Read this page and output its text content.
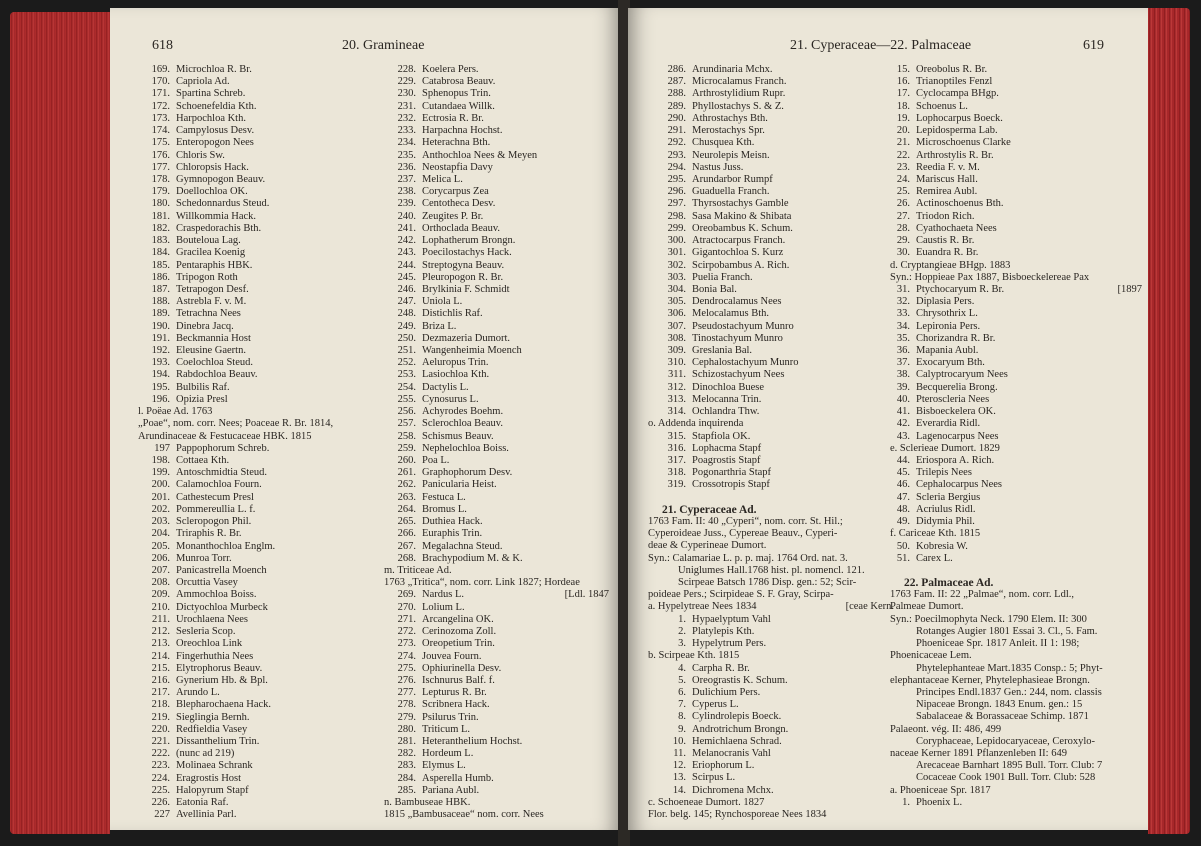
618	20. Gramineae
169. Microchloa R. Br.
170. Capriola Ad.
171. Spartina Schreb.
172. Schoenefeldia Kth.
173. Harpochloa Kth.
174. Campylosus Desv.
175. Enteropogon Nees
176. Chloris Sw.
177. Chloropsis Hack.
178. Gymnopogon Beauv.
179. Doellochloa OK.
180. Schedonnardus Steud.
181. Willkommia Hack.
182. Craspedorachis Bth.
183. Bouteloua Lag.
184. Gracilea Koenig
185. Pentaraphis HBK.
186. Tripogon Roth
187. Tetrapogon Desf.
188. Astrebla F. v. M.
189. Tetrachna Nees
190. Dinebra Jacq.
191. Beckmannia Host
192. Eleusine Gaertn.
193. Coelochloa Steud.
194. Rabdochloa Beauv.
195. Bulbilis Raf.
196. Opizia Presl
l. Poëae Ad. 1763
„Poae“, nom. corr. Nees; Poaceae R. Br. 1814,
Arundinaceae & Festucaceae HBK. 1815
197 Pappophorum Schreb.
198. Cottaea Kth.
199. Antoschmidtia Steud.
200. Calamochloa Fourn.
201. Cathestecum Presl
202. Pommereullia L. f.
203. Scleropogon Phil.
204. Triraphis R. Br.
205. Monanthochloa Englm.
206. Munroa Torr.
207. Panicastrella Moench
208. Orcuttia Vasey
209. Ammochloa Boiss.
210. Dictyochloa Murbeck
211. Urochlaena Nees
212. Sesleria Scop.
213. Oreochloa Link
214. Fingerhuthia Nees
215. Elytrophorus Beauv.
216. Gynerium Hb. & Bpl.
217. Arundo L.
218. Blepharochaena Hack.
219. Sieglingia Bernh.
220. Redfieldia Vasey
221. Dissanthelium Trin.
222. (nunc ad 219)
223. Molinaea Schrank
224. Eragrostis Host
225. Halopyrum Stapf
226. Eatonia Raf.
227 Avellinia Parl.
228. Koelera Pers.
229. Catabrosa Beauv.
230. Sphenopus Trin.
231. Cutandaea Willk.
232. Ectrosia R. Br.
233. Harpachna Hochst.
234. Heterachna Bth.
235. Anthochloa Nees & Meyen
236. Neostapfia Davy
237. Melica L.
238. Corycarpus Zea
239. Centotheca Desv.
240. Zeugites P. Br.
241. Orthoclada Beauv.
242. Lophatherum Brongn.
243. Poecilostachys Hack.
244. Streptogyna Beauv.
245. Pleuropogon R. Br.
246. Brylkinia F. Schmidt
247. Uniola L.
248. Distichlis Raf.
249. Briza L.
250. Dezmazeria Dumort.
251. Wangenheimia Moench
252. Aeluropus Trin.
253. Lasiochloa Kth.
254. Dactylis L.
255. Cynosurus L.
256. Achyrodes Boehm.
257. Sclerochloa Beauv.
258. Schismus Beauv.
259. Nephelochloa Boiss.
260. Poa L.
261. Graphophorum Desv.
262. Panicularia Heist.
263. Festuca L.
264. Bromus L.
265. Duthiea Hack.
266. Euraphis Trin.
267. Megalachna Steud.
268. Brachypodium M. & K.
m. Triticeae Ad.
1763 „Tritica“, nom. corr. Link 1827; Hordeae
269. Nardus L.	[Ldl. 1847
270. Lolium L.
271. Arcangelina OK.
272. Cerinozoma Zoll.
273. Oreopetium Trin.
274. Jouvea Fourn.
275. Ophiurinella Desv.
276. Ischnurus Balf. f.
277. Lepturus R. Br.
278. Scribnera Hack.
279. Psilurus Trin.
280. Triticum L.
281. Heteranthelium Hochst.
282. Hordeum L.
283. Elymus L.
284. Asperella Humb.
285. Pariana Aubl.
n. Bambuseae HBK.
1815 „Bambusaceae“ nom. corr. Nees
21. Cyperaceae—22. Palmaceae	619
286. Arundinaria Mchx.
287. Microcalamus Franch.
288. Arthrostylidium Rupr.
289. Phyllostachys S. & Z.
290. Athrostachys Bth.
291. Merostachys Spr.
292. Chusquea Kth.
293. Neurolepis Meisn.
294. Nastus Juss.
295. Arundarbor Rumpf
296. Guaduella Franch.
297. Thyrsostachys Gamble
298. Sasa Makino & Shibata
299. Oreobambus K. Schum.
300. Atractocarpus Franch.
301. Gigantochloa S. Kurz
302. Scirpobambus A. Rich.
303. Puelia Franch.
304. Bonia Bal.
305. Dendrocalamus Nees
306. Melocalamus Bth.
307. Pseudostachyum Munro
308. Tinostachyum Munro
309. Greslania Bal.
310. Cephalostachyum Munro
311. Schizostachyum Nees
312. Dinochloa Buese
313. Melocanna Trin.
314. Ochlandra Thw.
o. Addenda inquirenda
315. Stapfiola OK.
316. Lophacma Stapf
317. Poagrostis Stapf
318. Pogonarthria Stapf
319. Crossotropis Stapf
21. Cyperaceae Ad.
1763 Fam. II: 40 „Cyperi“, nom. corr. St. Hil.;
Cyperoideae Juss., Cypereae Beauv., Cyperi-
deae & Cyperineae Dumort.
Syn.: Calamariae L. p. p. maj. 1764 Ord. nat. 3.
Uniglumes Hall.1768 hist. pl. nomencl. 121.
Scirpeae Batsch 1786 Disp. gen.: 52; Scir-
poideae Pers.; Scirpideae S. F. Gray, Scirpa-
a. Hypelytreae Nees 1834	[ceae Kern.
1. Hypaelyptum Vahl
2. Platylepis Kth.
3. Hypelytrum Pers.
b. Scirpeae Kth. 1815
4. Carpha R. Br.
5. Oreograstis K. Schum.
6. Dulichium Pers.
7. Cyperus L.
8. Cylindrolepis Boeck.
9. Androtrichum Brongn.
10. Hemichlaena Schrad.
11. Melanocranis Vahl
12. Eriophorum L.
13. Scirpus L.
14. Dichromena Mchx.
c. Schoeneae Dumort. 1827
Flor. belg. 145; Rynchosporeae Nees 1834
15. Oreobolus R. Br.
16. Trianoptiles Fenzl
17. Cyclocampa BHgp.
18. Schoenus L.
19. Lophocarpus Boeck.
20. Lepidosperma Lab.
21. Microschoenus Clarke
22. Arthrostylis R. Br.
23. Reedia F. v. M.
24. Mariscus Hall.
25. Remirea Aubl.
26. Actinoschoenus Bth.
27. Triodon Rich.
28. Cyathochaeta Nees
29. Caustis R. Br.
30. Euandra R. Br.
d. Cryptangieae BHgp. 1883
Syn.: Hoppieae Pax 1887, Bisboeckelereae Pax
31. Ptychocaryum R. Br.	[1897
32. Diplasia Pers.
33. Chrysothrix L.
34. Lepironia Pers.
35. Chorizandra R. Br.
36. Mapania Aubl.
37. Exocaryum Bth.
38. Calyptrocaryum Nees
39. Becquerelia Brong.
40. Pteroscleria Nees
41. Bisboeckelera OK.
42. Everardia Ridl.
43. Lagenocarpus Nees
e. Sclerieae Dumort. 1829
44. Eriospora A. Rich.
45. Trilepis Nees
46. Cephalocarpus Nees
47. Scleria Bergius
48. Acriulus Ridl.
49. Didymia Phil.
f. Cariceae Kth. 1815
50. Kobresia W.
51. Carex L.
22. Palmaceae Ad.
1763 Fam. II: 22 „Palmae“, nom. corr. Ldl.,
Palmeae Dumort.
Syn.: Poecilmophyta Neck. 1790 Elem. II: 300
Rotanges Augier 1801 Essai 3. Cl., 5. Fam.
Phoeniceae Spr. 1817 Anleit. II 1: 198;
Phoenicaceae Lem.
Phytelephanteae Mart.1835 Consp.: 5; Phyt-
elephantaceae Kerner, Phytelephasieae Brongn.
Principes Endl.1837 Gen.: 244, nom. classis
Nipaceae Brongn. 1843 Enum. gen.: 15
Sabalaceae & Borassaceae Schimp. 1871
Palaeont. vég. II: 486, 499
Coryphaceae, Lepidocaryaceae, Ceroxylo-
naceae Kerner 1891 Pflanzenleben II: 649
Arecaceae Barnhart 1895 Bull. Torr. Club: 7
Cocaceae Cook 1901 Bull. Torr. Club: 528
a. Phoeniceae Spr. 1817
1. Phoenix L.
